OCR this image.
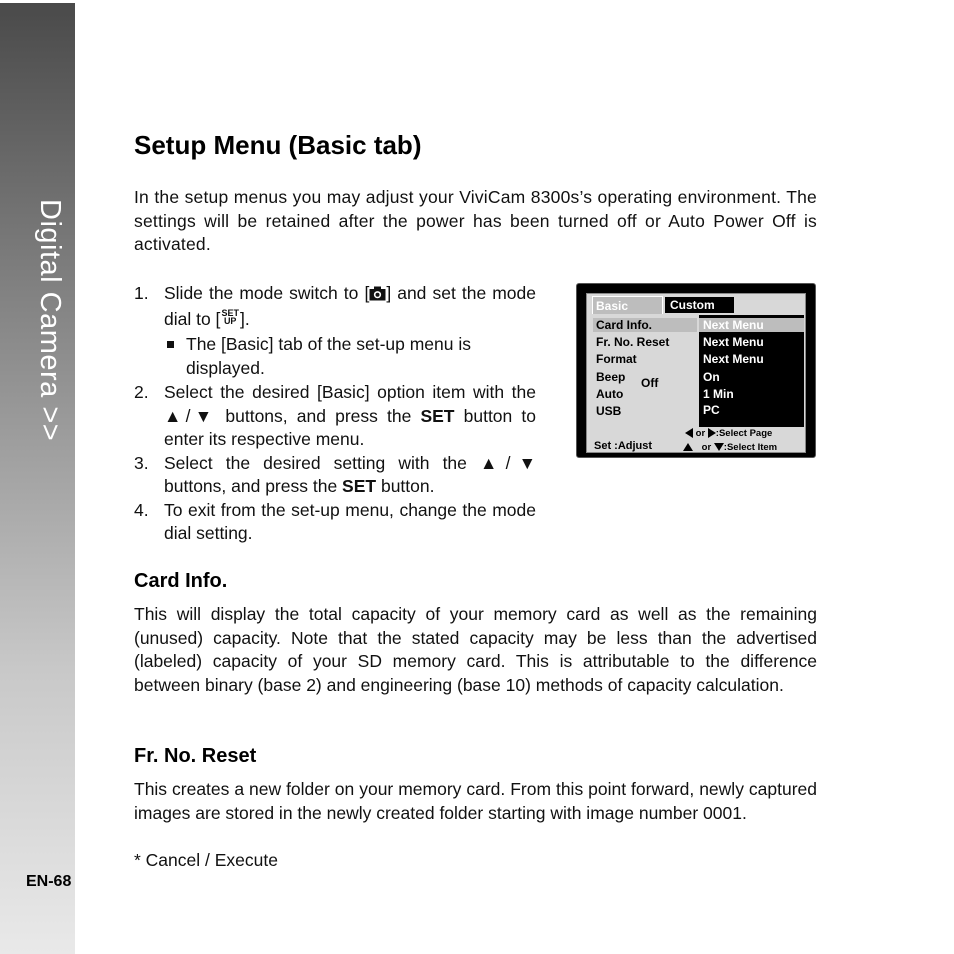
Digital Camera >>
EN-68
Setup Menu (Basic tab)

In the setup menus you may adjust your ViviCam 8300s’s operating environment. The settings will be retained after the power has been turned off or Auto Power Off is activated.

1. Slide the mode switch to [ ] and set the mode dial to [SET
UP ].
The [Basic] tab of the set-up menu is displayed.
2. Select the desired [Basic] option item with the ▲/▼ buttons, and press the SET button to enter its respective menu.
3. Select the desired setting with the ▲/▼ buttons, and press the SET button.
4. To exit from the set-up menu, change the mode dial setting.
Basic	Custom
Card Info.
Fr. No. Reset
Format
Beep Off
Auto
USB
Next Menu
Next Menu
Next Menu
On
1 Min
PC
Set :Adjust
or :Select Page
or :Select Item
Card Info.

This will display the total capacity of your memory card as well as the remaining (unused) capacity. Note that the stated capacity may be less than the advertised (labeled) capacity of your SD memory card. This is attributable to the difference between binary (base 2) and engineering (base 10) methods of capacity calculation.

Fr. No. Reset

This creates a new folder on your memory card. From this point forward, newly captured images are stored in the newly created folder starting with image number 0001.

* Cancel / Execute
